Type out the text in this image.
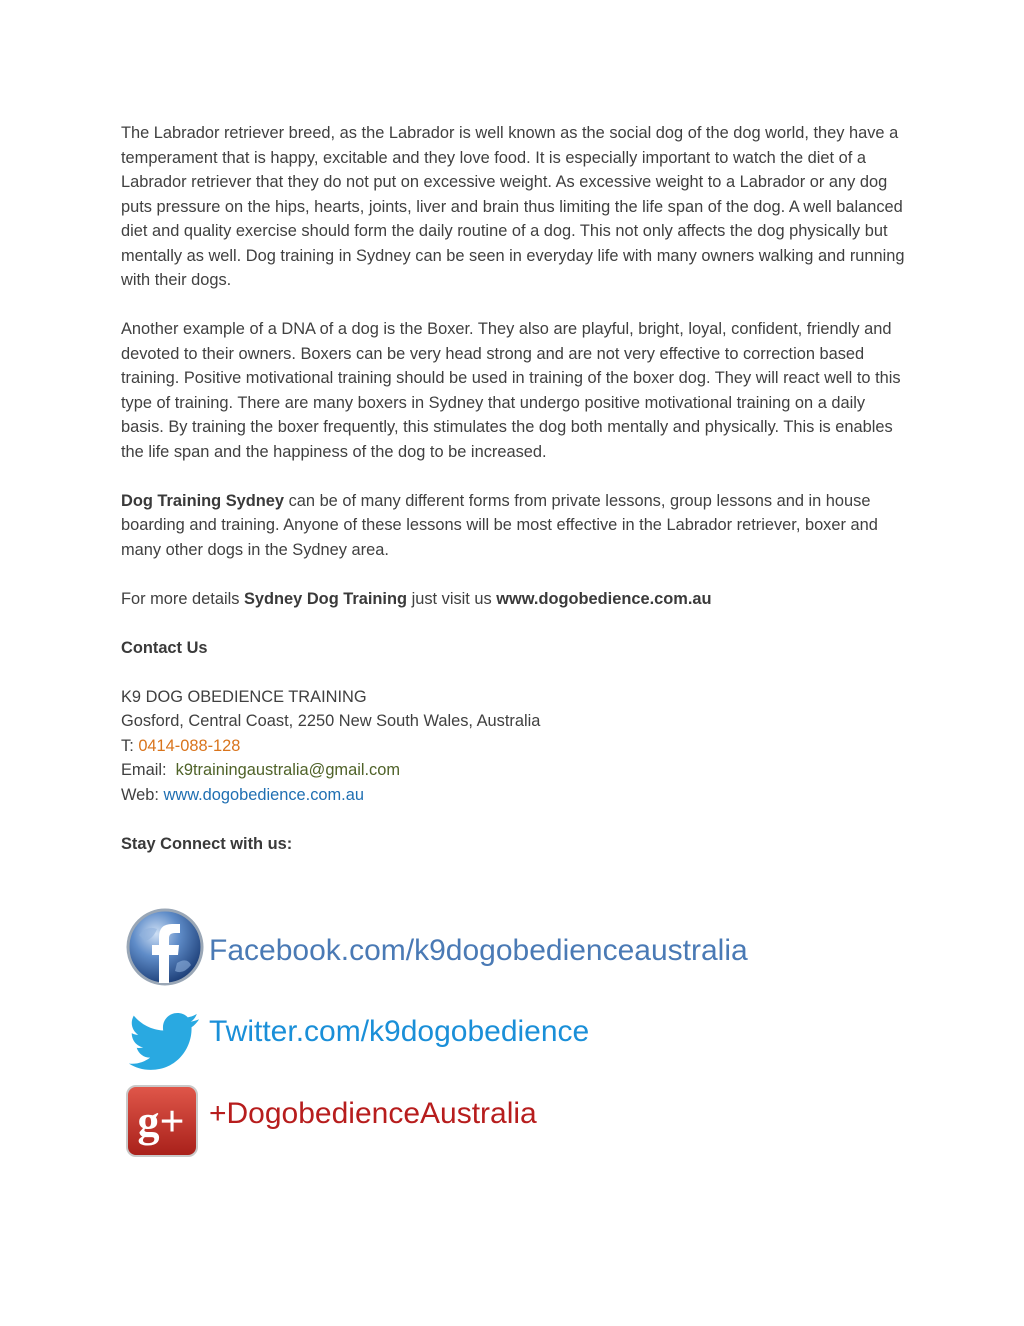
The Labrador retriever breed, as the Labrador is well known as the social dog of the dog world, they have a temperament that is happy, excitable and they love food. It is especially important to watch the diet of a Labrador retriever that they do not put on excessive weight. As excessive weight to a Labrador or any dog puts pressure on the hips, hearts, joints, liver and brain thus limiting the life span of the dog. A well balanced diet and quality exercise should form the daily routine of a dog. This not only affects the dog physically but mentally as well. Dog training in Sydney can be seen in everyday life with many owners walking and running with their dogs.

Another example of a DNA of a dog is the Boxer. They also are playful, bright, loyal, confident, friendly and devoted to their owners. Boxers can be very head strong and are not very effective to correction based training. Positive motivational training should be used in training of the boxer dog. They will react well to this type of training. There are many boxers in Sydney that undergo positive motivational training on a daily basis. By training the boxer frequently, this stimulates the dog both mentally and physically. This is enables the life span and the happiness of the dog to be increased.

Dog Training Sydney can be of many different forms from private lessons, group lessons and in house boarding and training. Anyone of these lessons will be most effective in the Labrador retriever, boxer and many other dogs in the Sydney area.

For more details Sydney Dog Training just visit us www.dogobedience.com.au

Contact Us

K9 DOG OBEDIENCE TRAINING

Gosford, Central Coast, 2250 New South Wales, Australia

T: 0414-088-128

Email:  k9trainingaustralia@gmail.com

Web: www.dogobedience.com.au

Stay Connect with us:

Facebook.com/k9dogobedienceaustralia
Twitter.com/k9dogobedience
g+ +DogobedienceAustralia
